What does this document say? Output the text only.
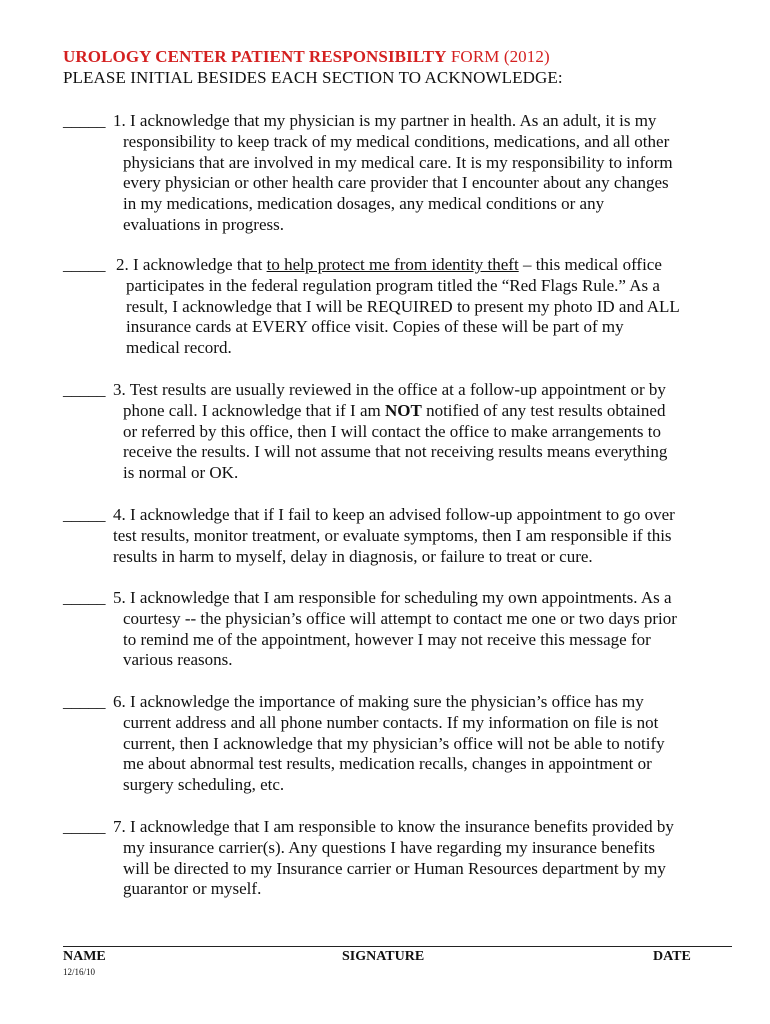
UROLOGY CENTER PATIENT RESPONSIBILTY FORM (2012)
PLEASE INITIAL BESIDES EACH SECTION TO ACKNOWLEDGE:
_____ 1. I acknowledge that my physician is my partner in health. As an adult, it is my
responsibility to keep track of my medical conditions, medications, and all other
physicians that are involved in my medical care. It is my responsibility to inform
every physician or other health care provider that I encounter about any changes
in my medications, medication dosages, any medical conditions or any
evaluations in progress.
_____ 2. I acknowledge that to help protect me from identity theft – this medical office
participates in the federal regulation program titled the “Red Flags Rule.” As a
result, I acknowledge that I will be REQUIRED to present my photo ID and ALL
insurance cards at EVERY office visit. Copies of these will be part of my
medical record.
_____ 3. Test results are usually reviewed in the office at a follow-up appointment or by
phone call. I acknowledge that if I am NOT notified of any test results obtained
or referred by this office, then I will contact the office to make arrangements to
receive the results. I will not assume that not receiving results means everything
is normal or OK.
_____ 4. I acknowledge that if I fail to keep an advised follow-up appointment to go over
test results, monitor treatment, or evaluate symptoms, then I am responsible if this
results in harm to myself, delay in diagnosis, or failure to treat or cure.
_____ 5. I acknowledge that I am responsible for scheduling my own appointments. As a
courtesy -- the physician’s office will attempt to contact me one or two days prior
to remind me of the appointment, however I may not receive this message for
various reasons.
_____ 6. I acknowledge the importance of making sure the physician’s office has my
current address and all phone number contacts. If my information on file is not
current, then I acknowledge that my physician’s office will not be able to notify
me about abnormal test results, medication recalls, changes in appointment or
surgery scheduling, etc.
_____ 7. I acknowledge that I am responsible to know the insurance benefits provided by
my insurance carrier(s). Any questions I have regarding my insurance benefits
will be directed to my Insurance carrier or Human Resources department by my
guarantor or myself.
NAME	SIGNATURE	DATE
12/16/10
